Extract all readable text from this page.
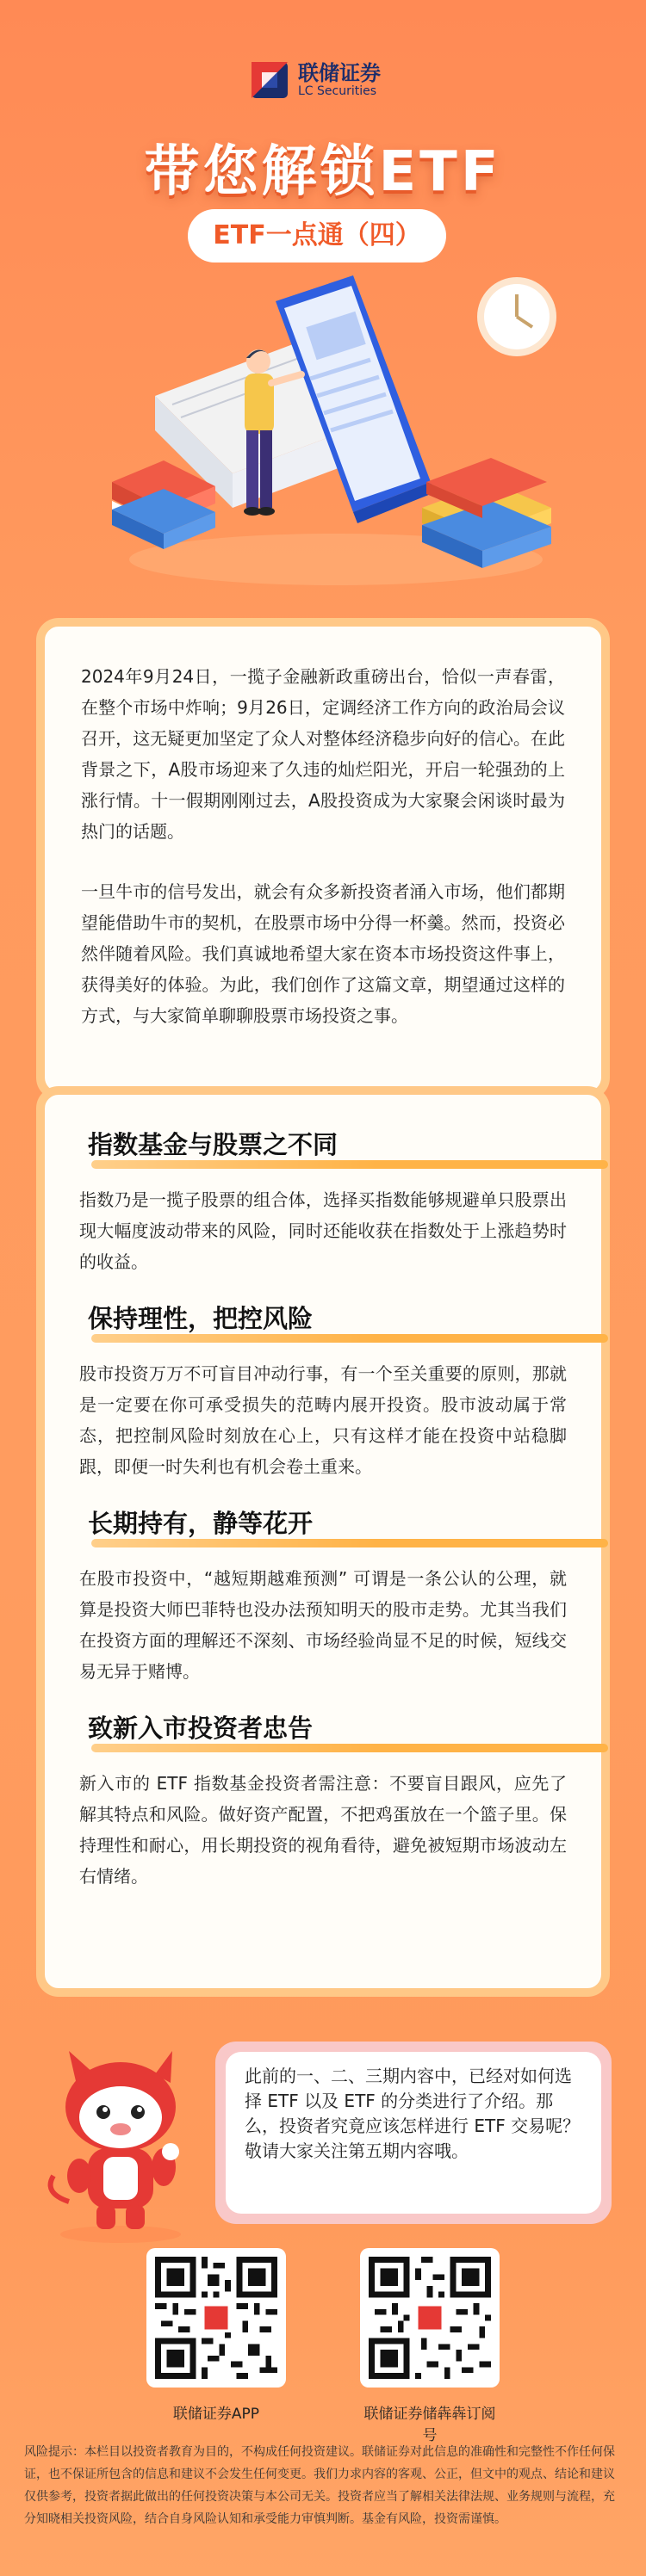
联储证券
LC Securities
带您解锁ETF
ETF一点通（四）

2024年9月24日，一揽子金融新政重磅出台，恰似一声春雷，在整个市场中炸响；9月26日，定调经济工作方向的政治局会议召开，这无疑更加坚定了众人对整体经济稳步向好的信心。在此背景之下，A股市场迎来了久违的灿烂阳光，开启一轮强劲的上涨行情。十一假期刚刚过去，A股投资成为大家聚会闲谈时最为热门的话题。

一旦牛市的信号发出，就会有众多新投资者涌入市场，他们都期望能借助牛市的契机，在股票市场中分得一杯羹。然而，投资必然伴随着风险。我们真诚地希望大家在资本市场投资这件事上，获得美好的体验。为此，我们创作了这篇文章，期望通过这样的方式，与大家简单聊聊股票市场投资之事。

指数基金与股票之不同

指数乃是一揽子股票的组合体，选择买指数能够规避单只股票出现大幅度波动带来的风险，同时还能收获在指数处于上涨趋势时的收益。

保持理性，把控风险

股市投资万万不可盲目冲动行事，有一个至关重要的原则，那就是一定要在你可承受损失的范畴内展开投资。股市波动属于常态，把控制风险时刻放在心上，只有这样才能在投资中站稳脚跟，即便一时失利也有机会卷土重来。

长期持有，静等花开

在股市投资中，“越短期越难预测” 可谓是一条公认的公理，就算是投资大师巴菲特也没办法预知明天的股市走势。尤其当我们在投资方面的理解还不深刻、市场经验尚显不足的时候，短线交易无异于赌博。

致新入市投资者忠告

新入市的 ETF 指数基金投资者需注意：不要盲目跟风，应先了解其特点和风险。做好资产配置，不把鸡蛋放在一个篮子里。保持理性和耐心，用长期投资的视角看待，避免被短期市场波动左右情绪。

此前的一、二、三期内容中，已经对如何选择 ETF 以及 ETF 的分类进行了介绍。那么，投资者究竟应该怎样进行 ETF 交易呢？敬请大家关注第五期内容哦。
联储证券APP	联储证券储犇犇订阅号

风险提示：本栏目以投资者教育为目的，不构成任何投资建议。联储证券对此信息的准确性和完整性不作任何保证，也不保证所包含的信息和建议不会发生任何变更。我们力求内容的客观、公正，但文中的观点、结论和建议仅供参考，投资者据此做出的任何投资决策与本公司无关。投资者应当了解相关法律法规、业务规则与流程，充分知晓相关投资风险，结合自身风险认知和承受能力审慎判断。基金有风险，投资需谨慎。
